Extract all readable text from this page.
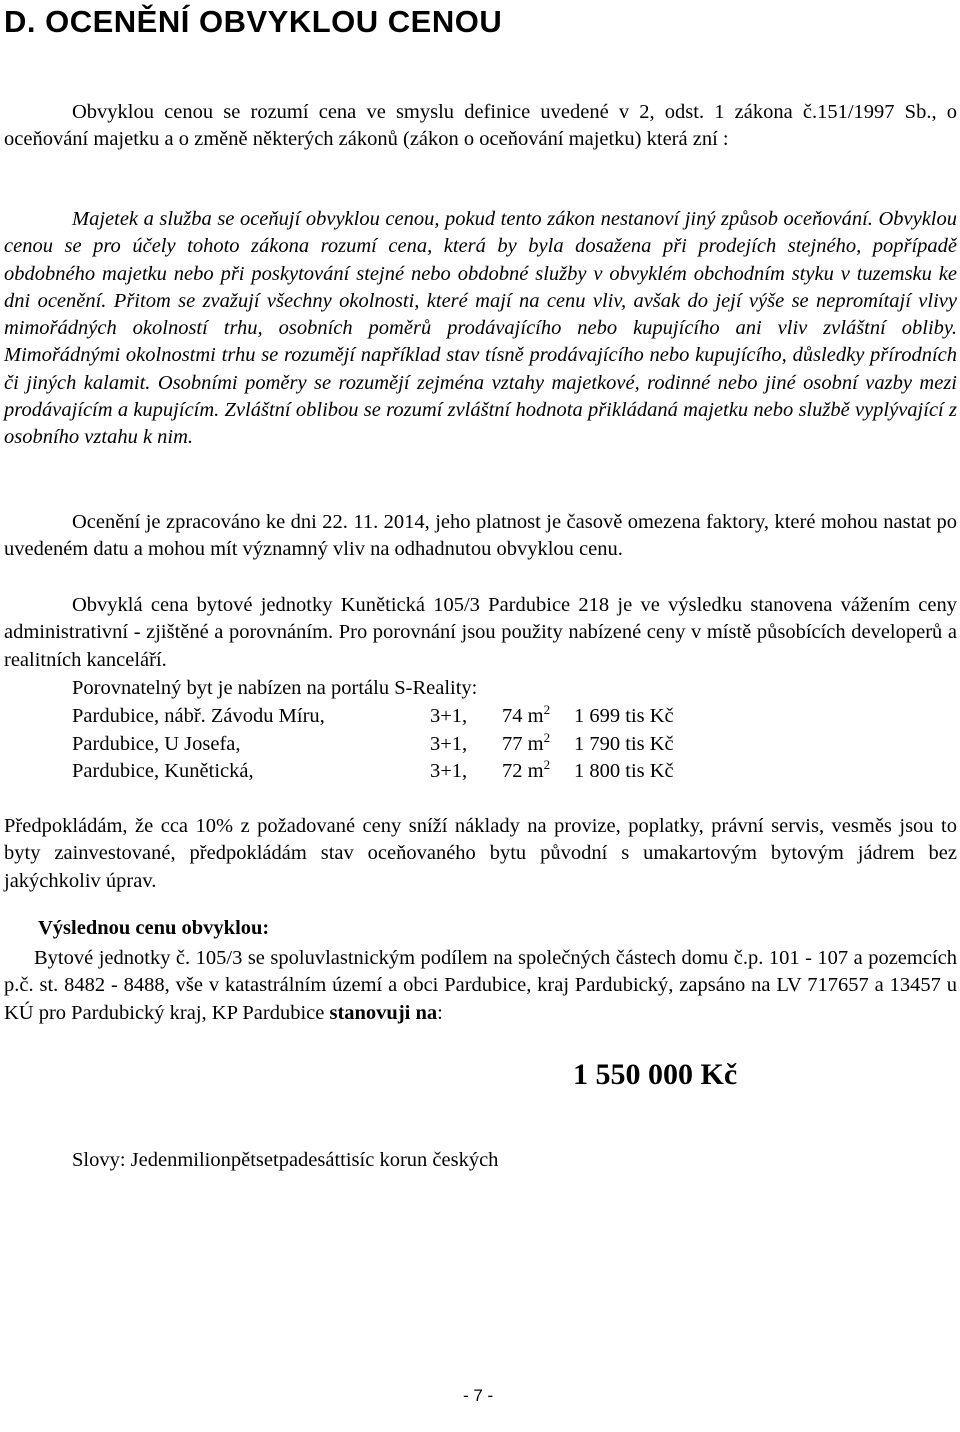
D. OCENĚNÍ OBVYKLOU CENOU

Obvyklou cenou se rozumí cena ve smyslu definice uvedené v 2, odst. 1 zákona č.151/1997 Sb., o oceňování majetku a o změně některých zákonů (zákon o oceňování majetku) která zní :

Majetek a služba se oceňují obvyklou cenou, pokud tento zákon nestanoví jiný způsob oceňování. Obvyklou cenou se pro účely tohoto zákona rozumí cena, která by byla dosažena při prodejích stejného, popřípadě obdobného majetku nebo při poskytování stejné nebo obdobné služby v obvyklém obchodním styku v tuzemsku ke dni ocenění. Přitom se zvažují všechny okolnosti, které mají na cenu vliv, avšak do její výše se nepromítají vlivy mimořádných okolností trhu, osobních poměrů prodávajícího nebo kupujícího ani vliv zvláštní obliby. Mimořádnými okolnostmi trhu se rozumějí například stav tísně prodávajícího nebo kupujícího, důsledky přírodních či jiných kalamit. Osobními poměry se rozumějí zejména vztahy majetkové, rodinné nebo jiné osobní vazby mezi prodávajícím a kupujícím. Zvláštní oblibou se rozumí zvláštní hodnota přikládaná majetku nebo službě vyplývající z osobního vztahu k nim.

Ocenění je zpracováno ke dni 22. 11. 2014, jeho platnost je časově omezena faktory, které mohou nastat po uvedeném datu a mohou mít významný vliv na odhadnutou obvyklou cenu.

Obvyklá cena bytové jednotky Kunětická 105/3 Pardubice 218 je ve výsledku stanovena vážením ceny administrativní - zjištěné a porovnáním. Pro porovnání jsou použity nabízené ceny v místě působících developerů a realitních kanceláří.

Porovnatelný byt je nabízen na portálu S-Reality:

Pardubice, nábř. Závodu Míru,	3+1, 74 $m^2$ 1 699 tis Kč
Pardubice, U Josefa,	3+1, 77 $m^2$ 1 790 tis Kč
Pardubice, Kunětická,	3+1, 72 $m^2$ 1 800 tis Kč

Předpokládám, že cca 10% z požadované ceny sníží náklady na provize, poplatky, právní servis, vesměs jsou to byty zainvestované, předpokládám stav oceňovaného bytu původní s umakartovým bytovým jádrem bez jakýchkoliv úprav.

Výslednou cenu obvyklou:

Bytové jednotky č. 105/3 se spoluvlastnickým podílem na společných částech domu č.p. 101 - 107 a pozemcích p.č. st. 8482 - 8488, vše v katastrálním území a obci Pardubice, kraj Pardubický, zapsáno na LV 717657 a 13457 u KÚ pro Pardubický kraj, KP Pardubice stanovuji na:

1 550 000 Kč

Slovy: Jedenmilionpětsetpadesáttisíc korun českých

- 7 -
